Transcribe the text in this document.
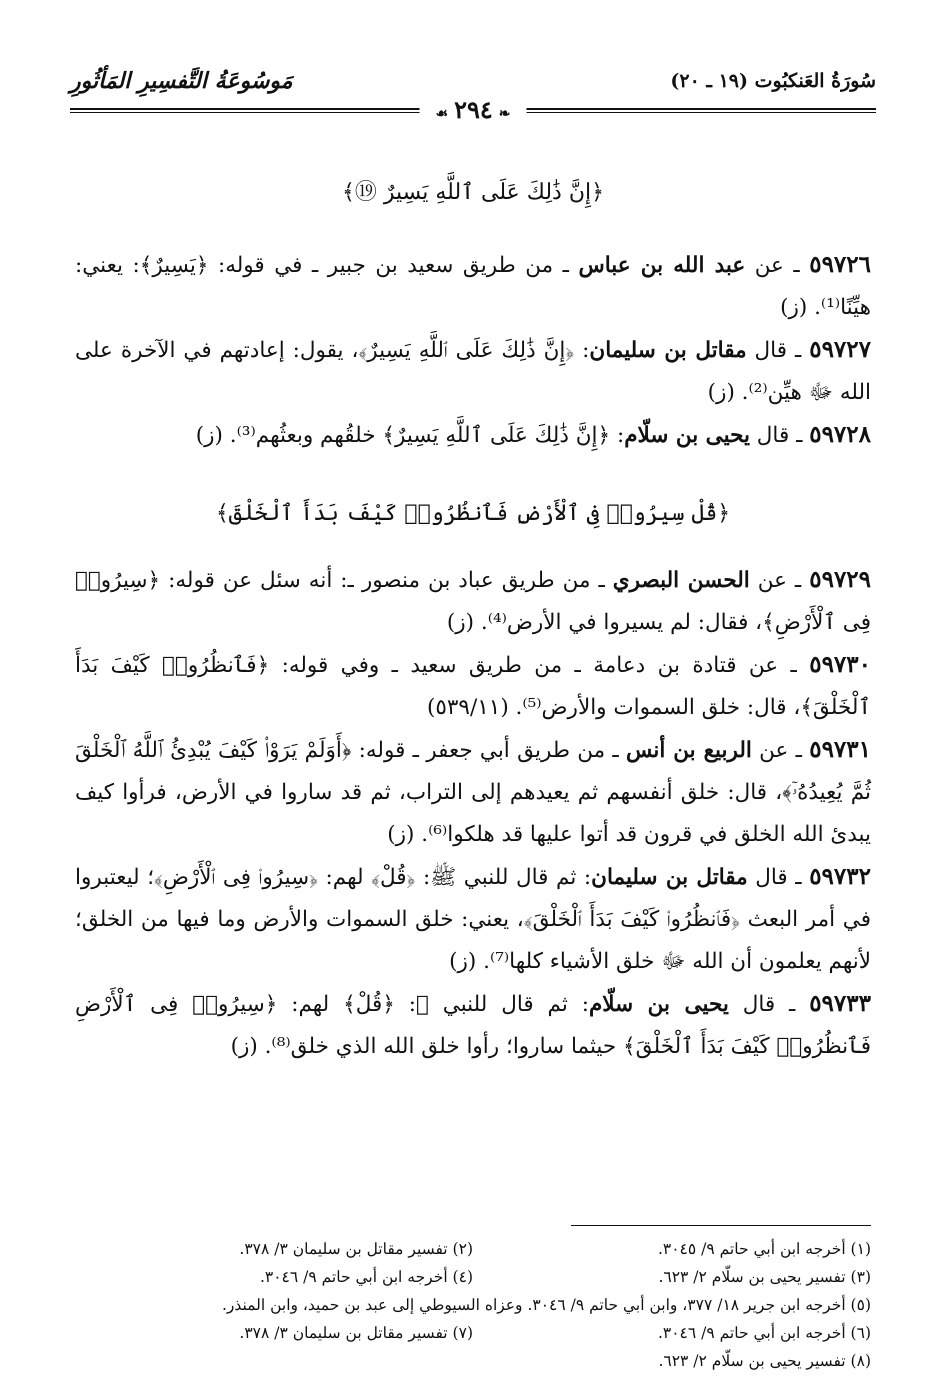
سُورَةُ العَنكبُوت (١٩ ـ ٢٠)
مَوسُوعَةُ التَّفسِيرِ المَأثُورِ
❧٢٩٤☙
﴿إِنَّ ذَٰلِكَ عَلَى ٱللَّهِ يَسِيرٌ ⑲﴾

٥٩٧٢٦ ـ عن عبد الله بن عباس ـ من طريق سعيد بن جبير ـ في قوله: ﴿يَسِيرٌ﴾: يعني: هيِّنًا⁽¹⁾. (ز)

٥٩٧٢٧ ـ قال مقاتل بن سليمان: ﴿إِنَّ ذَٰلِكَ عَلَى ٱللَّهِ يَسِيرٌ﴾، يقول: إعادتهم في الآخرة على الله ﷻ هيِّن⁽²⁾. (ز)

٥٩٧٢٨ ـ قال يحيى بن سلّام: ﴿إِنَّ ذَٰلِكَ عَلَى ٱللَّهِ يَسِيرٌ﴾ خلقُهم وبعثُهم⁽³⁾. (ز)

﴿قُلْ سِيرُوا۟ فِى ٱلْأَرْضِ فَٱنظُرُوا۟ كَيْفَ بَدَأَ ٱلْخَلْقَ﴾

٥٩٧٢٩ ـ عن الحسن البصري ـ من طريق عباد بن منصور ـ: أنه سئل عن قوله: ﴿سِيرُوا۟ فِى ٱلْأَرْضِ﴾، فقال: لم يسيروا في الأرض⁽⁴⁾. (ز)

٥٩٧٣٠ ـ عن قتادة بن دعامة ـ من طريق سعيد ـ وفي قوله: ﴿فَٱنظُرُوا۟ كَيْفَ بَدَأَ ٱلْخَلْقَ﴾، قال: خلق السموات والأرض⁽⁵⁾. (٥٣٩/١١)

٥٩٧٣١ ـ عن الربيع بن أنس ـ من طريق أبي جعفر ـ قوله: ﴿أَوَلَمْ يَرَوْا۟ كَيْفَ يُبْدِئُ ٱللَّهُ ٱلْخَلْقَ ثُمَّ يُعِيدُهُۥٓ﴾، قال: خلق أنفسهم ثم يعيدهم إلى التراب، ثم قد ساروا في الأرض، فرأوا كيف يبدئ الله الخلق في قرون قد أتوا عليها قد هلكوا⁽⁶⁾. (ز)

٥٩٧٣٢ ـ قال مقاتل بن سليمان: ثم قال للنبي ﷺ: ﴿قُلْ﴾ لهم: ﴿سِيرُوا۟ فِى ٱلْأَرْضِ﴾؛ ليعتبروا في أمر البعث ﴿فَٱنظُرُوا۟ كَيْفَ بَدَأَ ٱلْخَلْقَ﴾، يعني: خلق السموات والأرض وما فيها من الخلق؛ لأنهم يعلمون أن الله ﷻ خلق الأشياء كلها⁽⁷⁾. (ز)

٥٩٧٣٣ ـ قال يحيى بن سلّام: ثم قال للنبي ﷺ: ﴿قُلْ﴾ لهم: ﴿سِيرُوا۟ فِى ٱلْأَرْضِ فَٱنظُرُوا۟ كَيْفَ بَدَأَ ٱلْخَلْقَ﴾ حيثما ساروا؛ رأوا خلق الله الذي خلق⁽⁸⁾. (ز)

(١) أخرجه ابن أبي حاتم ٩/ ٣٠٤٥.
(٢) تفسير مقاتل بن سليمان ٣/ ٣٧٨.
(٣) تفسير يحيى بن سلّام ٢/ ٦٢٣.
(٤) أخرجه ابن أبي حاتم ٩/ ٣٠٤٦.
(٥) أخرجه ابن جرير ١٨/ ٣٧٧، وابن أبي حاتم ٩/ ٣٠٤٦. وعزاه السيوطي إلى عبد بن حميد، وابن المنذر.
(٦) أخرجه ابن أبي حاتم ٩/ ٣٠٤٦.
(٧) تفسير مقاتل بن سليمان ٣/ ٣٧٨.
(٨) تفسير يحيى بن سلّام ٢/ ٦٢٣.
